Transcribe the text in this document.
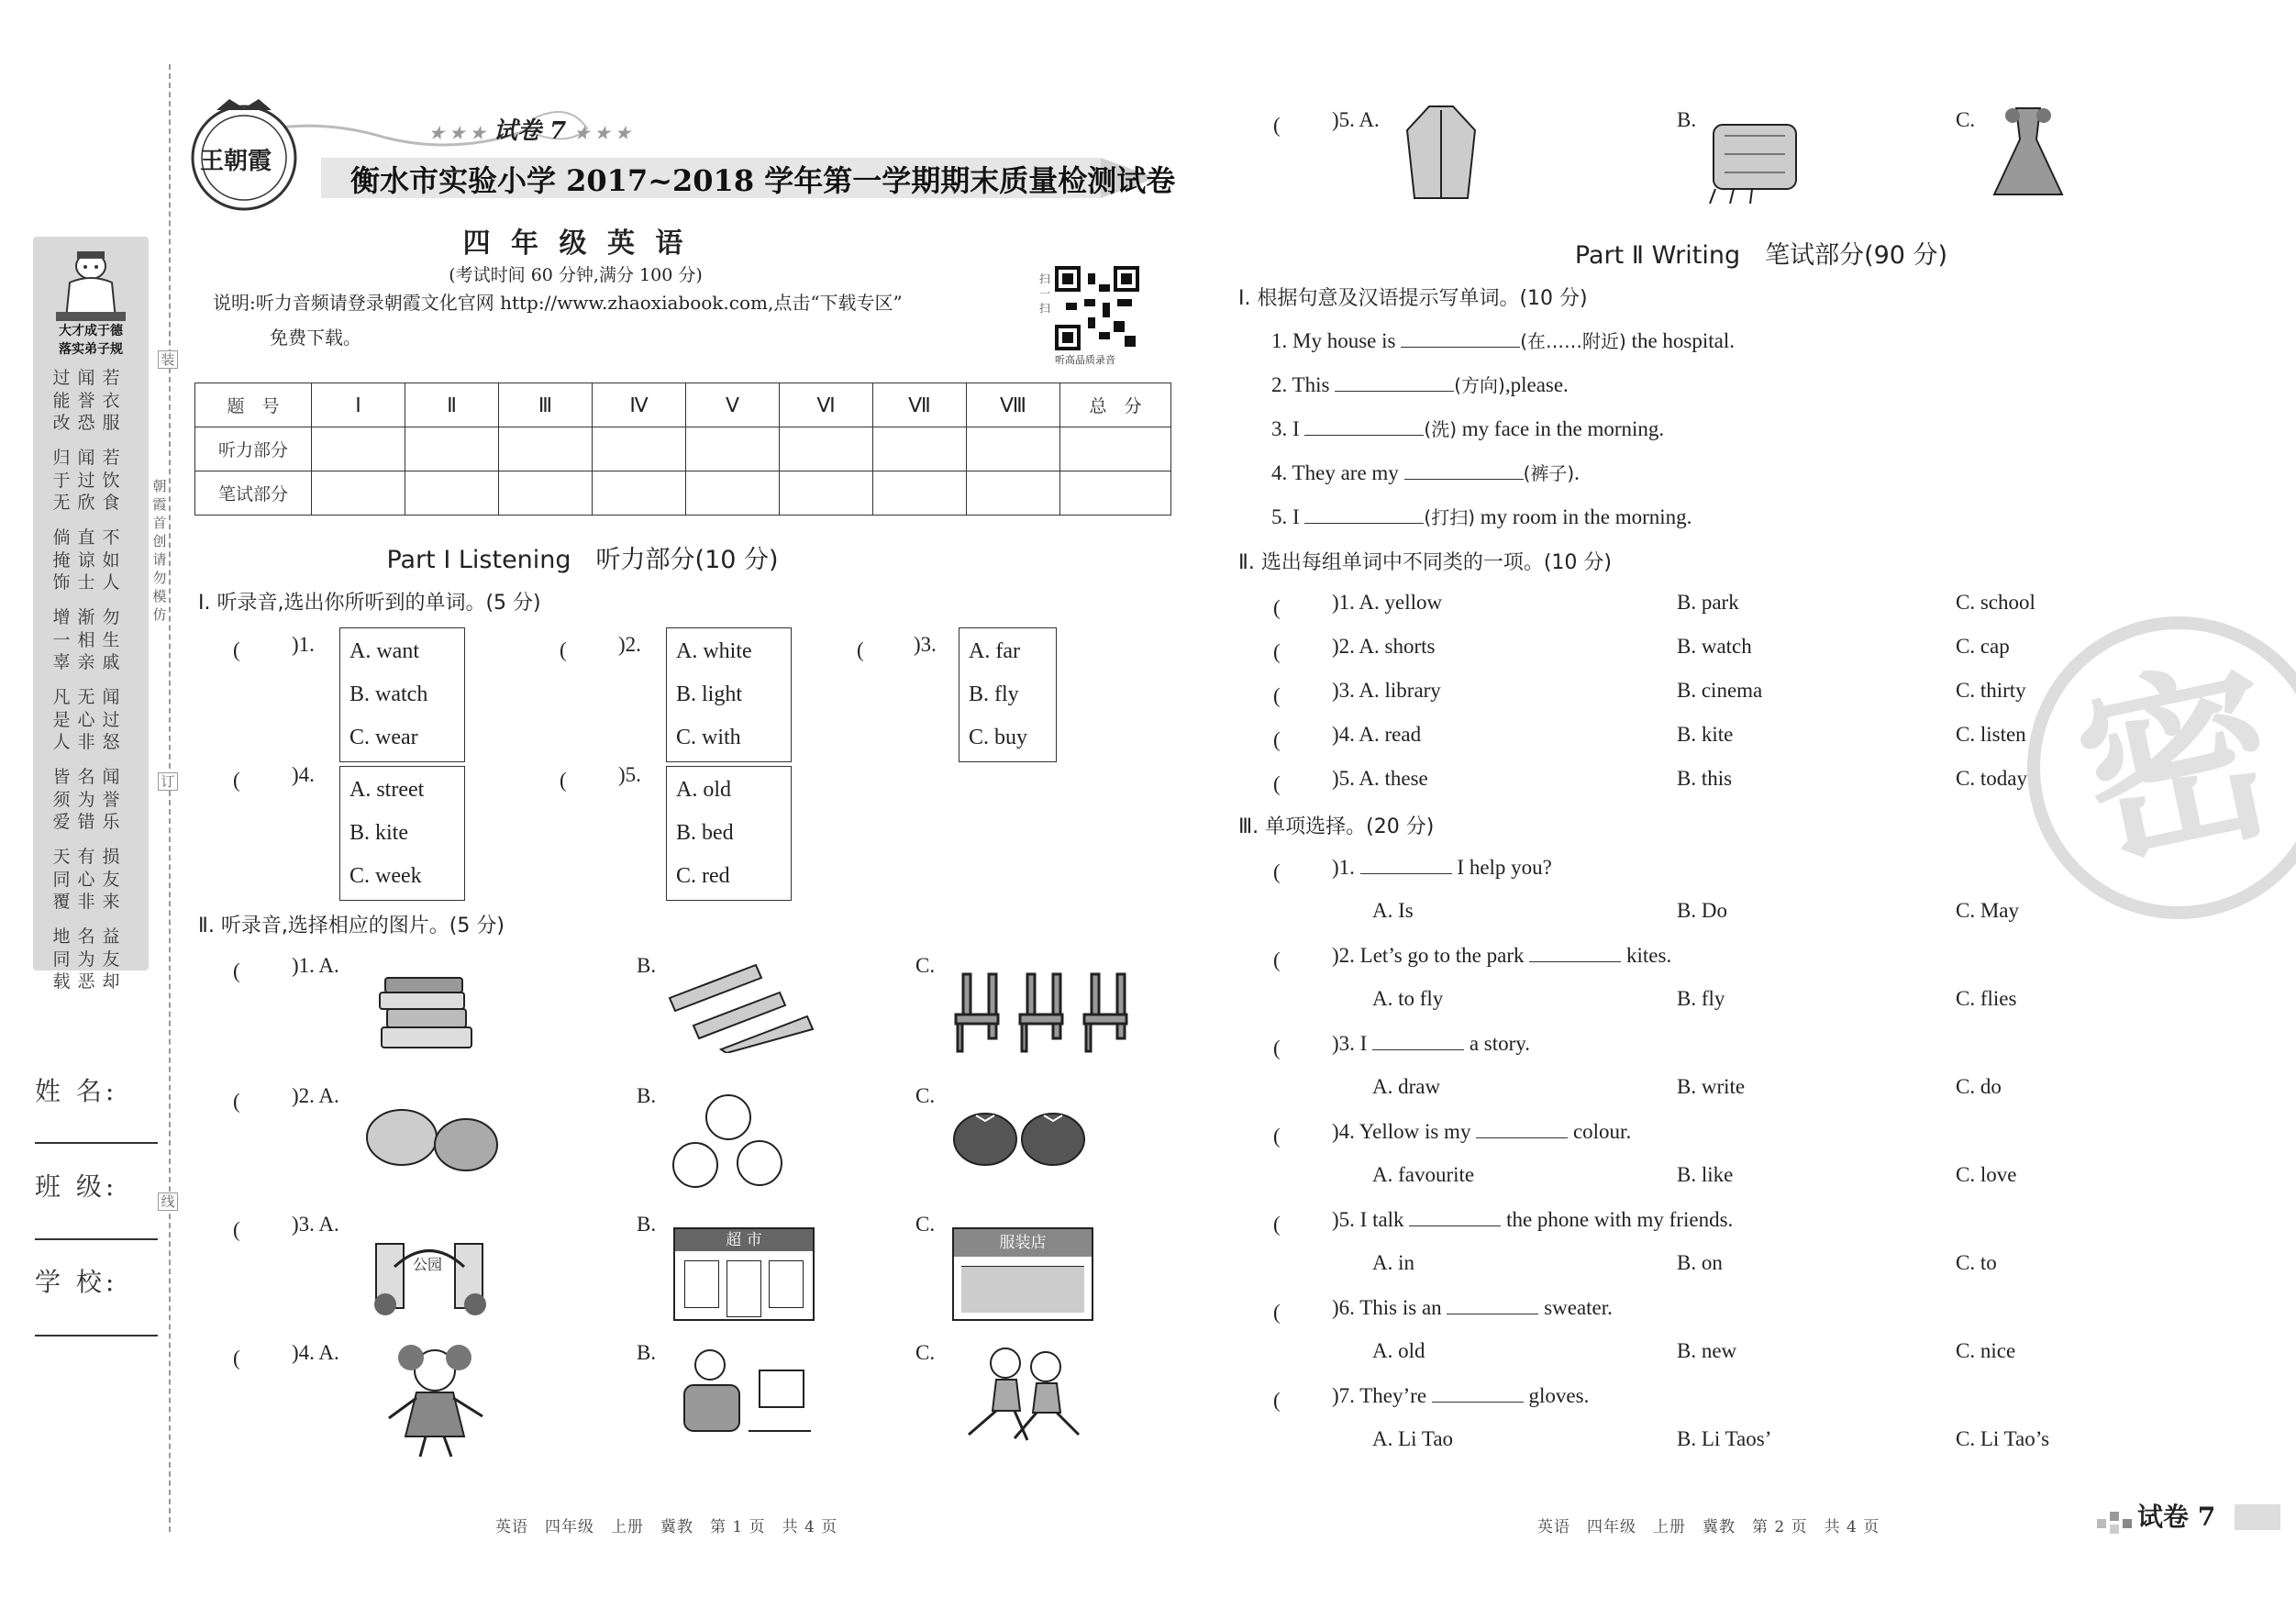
大才成于德
落实弟子规
过
能
改
闻
誉
恐
若
衣
服
归
于
无
闻
过
欣
若
饮
食
倘
掩
饰
直
谅
士
不
如
人
增
一
辜
渐
相
亲
勿
生
戚
凡
是
人
无
心
非
闻
过
怒
皆
须
爱
名
为
错
闻
誉
乐
天
同
覆
有
心
非
损
友
来
地
同
载
名
为
恶
益
友
却
装
订
线
朝霞首创请勿模仿
姓 名:
班 级:
学 校:
王朝霞
★ ★ ★ 试卷 7 ★ ★ ★
衡水市实验小学 2017~2018 学年第一学期期末质量检测试卷
四 年 级 英 语
(考试时间 60 分钟,满分 100 分)
说明:听力音频请登录朝霞文化官网 http://www.zhaoxiabook.com,点击“下载专区”
免费下载。
扫一扫
听高品质录音
题　号	Ⅰ	Ⅱ	Ⅲ	Ⅳ	Ⅴ	Ⅵ	Ⅶ	Ⅷ	总　分
听力部分									
笔试部分									
Part Ⅰ Listening　听力部分(10 分)
Ⅰ. 听录音,选出你所听到的单词。(5 分)
(　　 )1. A. want
B. watch
C. wear
(　　 )2. A. white
B. light
C. with
(　　 )3. A. far
B. fly
C. buy
(　　 )4.
A. street
B. kite
C. week
(　　 )5.
A. old
B. bed
C. red
Ⅱ. 听录音,选择相应的图片。(5 分)
(　　 )1. A.	B.	C.
(　　 )2. A.	B.	C.
(　　 )3. A.	B.	C.
公园
超 市	服装店
(　　 )4. A.	B.	C.
(　　 )5. A.	B.	C.
Part Ⅱ Writing　笔试部分(90 分)
Ⅰ. 根据句意及汉语提示写单词。(10 分)
1. My house is	(在……附近) the hospital.
2. This	(方向),please.
3. I	(洗) my face in the morning.
4. They are my	(裤子).
5. I	(打扫) my room in the morning.
Ⅱ. 选出每组单词中不同类的一项。(10 分)
(　　 )1. A. yellow	B. park	C. school
(　　 )2. A. shorts	B. watch	C. cap
(　　 )3. A. library	B. cinema	C. thirty
(　　 )4. A. read	B. kite	C. listen
(　　 )5. A. these	B. this	C. today
Ⅲ. 单项选择。(20 分)
(　　 )1.	I help you?
A. Is	B. Do	C. May
(　　 )2. Let’s go to the park	kites.
A. to fly	B. fly	C. flies
(　　 )3. I	a story.
A. draw	B. write	C. do
(　　 )4. Yellow is my	colour.
A. favourite	B. like	C. love
(　　 )5. I talk	the phone with my friends.
A. in	B. on	C. to
(　　 )6. This is an	sweater.
A. old	B. new	C. nice
(　　 )7. They’re	gloves.
A. Li Tao	B. Li Taos’	C. Li Tao’s
密
英语　四年级　上册　冀教　第 1 页　共 4 页	英语　四年级　上册　冀教　第 2 页　共 4 页	试卷 7
